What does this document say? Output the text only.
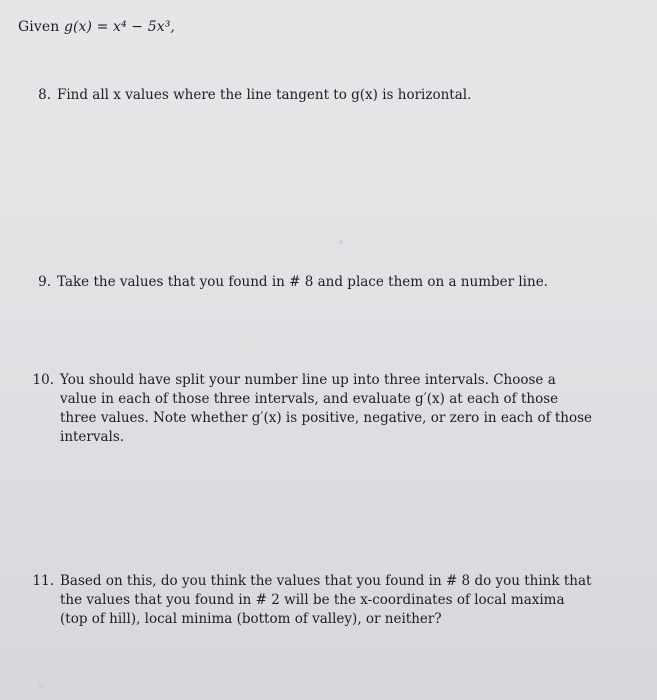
Given g(x) = x⁴ − 5x³,
8. Find all x values where the line tangent to g(x) is horizontal.
9. Take the values that you found in # 8 and place them on a number line.
10. You should have split your number line up into three intervals. Choose a value in each of those three intervals, and evaluate g′(x) at each of those three values. Note whether g′(x) is positive, negative, or zero in each of those intervals.
11. Based on this, do you think the values that you found in # 8 do you think that the values that you found in # 2 will be the x-coordinates of local maxima (top of hill), local minima (bottom of valley), or neither?
